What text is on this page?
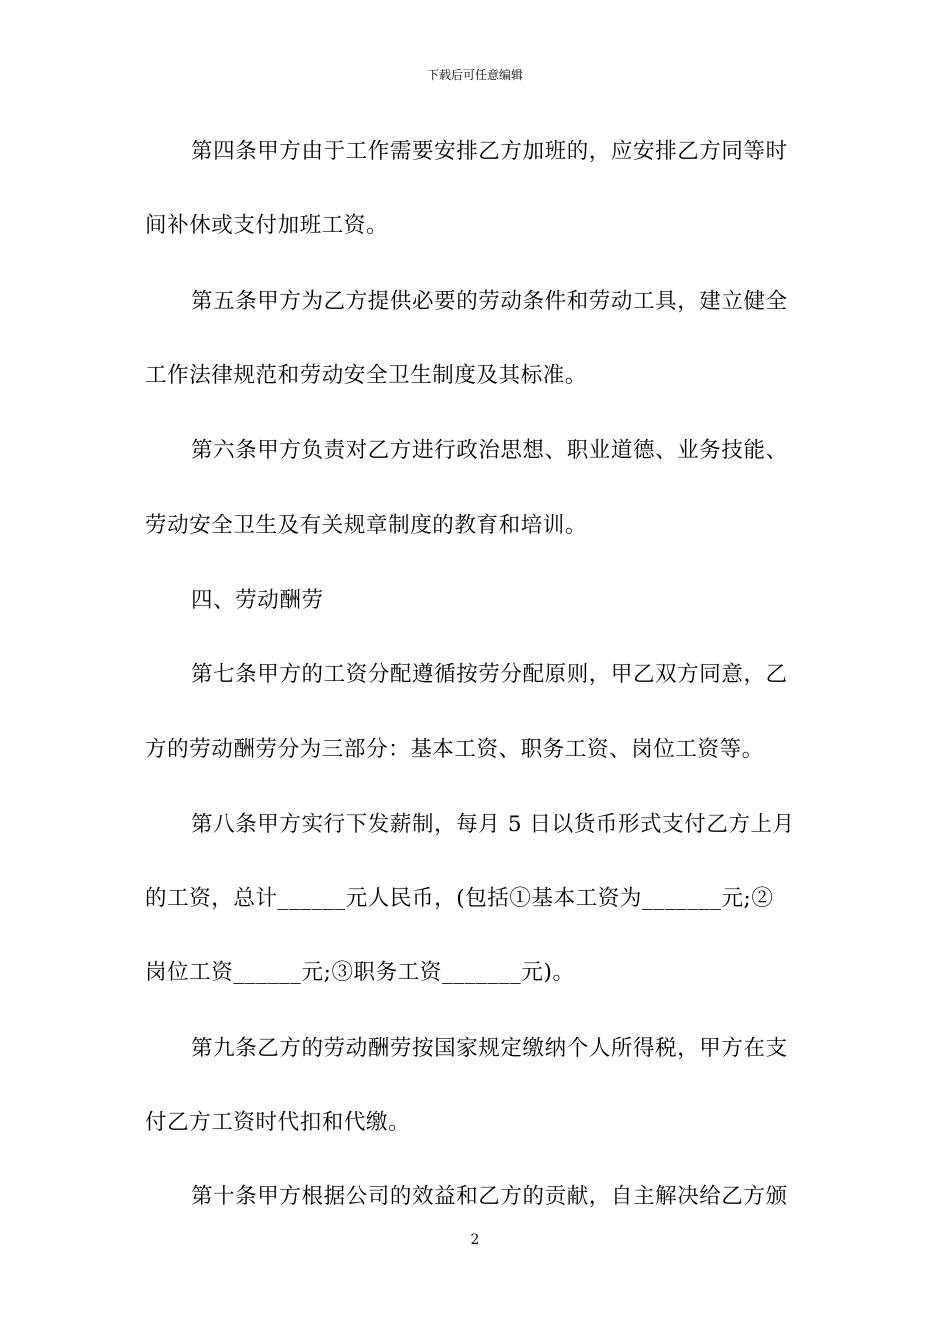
下载后可任意编辑
第四条甲方由于工作需要安排乙方加班的，应安排乙方同等时
间补休或支付加班工资。
第五条甲方为乙方提供必要的劳动条件和劳动工具，建立健全
工作法律规范和劳动安全卫生制度及其标准。
第六条甲方负责对乙方进行政治思想、职业道德、业务技能、
劳动安全卫生及有关规章制度的教育和培训。
四、劳动酬劳
第七条甲方的工资分配遵循按劳分配原则，甲乙双方同意，乙
方的劳动酬劳分为三部分：基本工资、职务工资、岗位工资等。
第八条甲方实行下发薪制，每月 5 日以货币形式支付乙方上月
的工资，总计______元人民币，(包括①基本工资为_______元;②
岗位工资______元;③职务工资_______元)。
第九条乙方的劳动酬劳按国家规定缴纳个人所得税，甲方在支
付乙方工资时代扣和代缴。
第十条甲方根据公司的效益和乙方的贡献，自主解决给乙方颁
2
